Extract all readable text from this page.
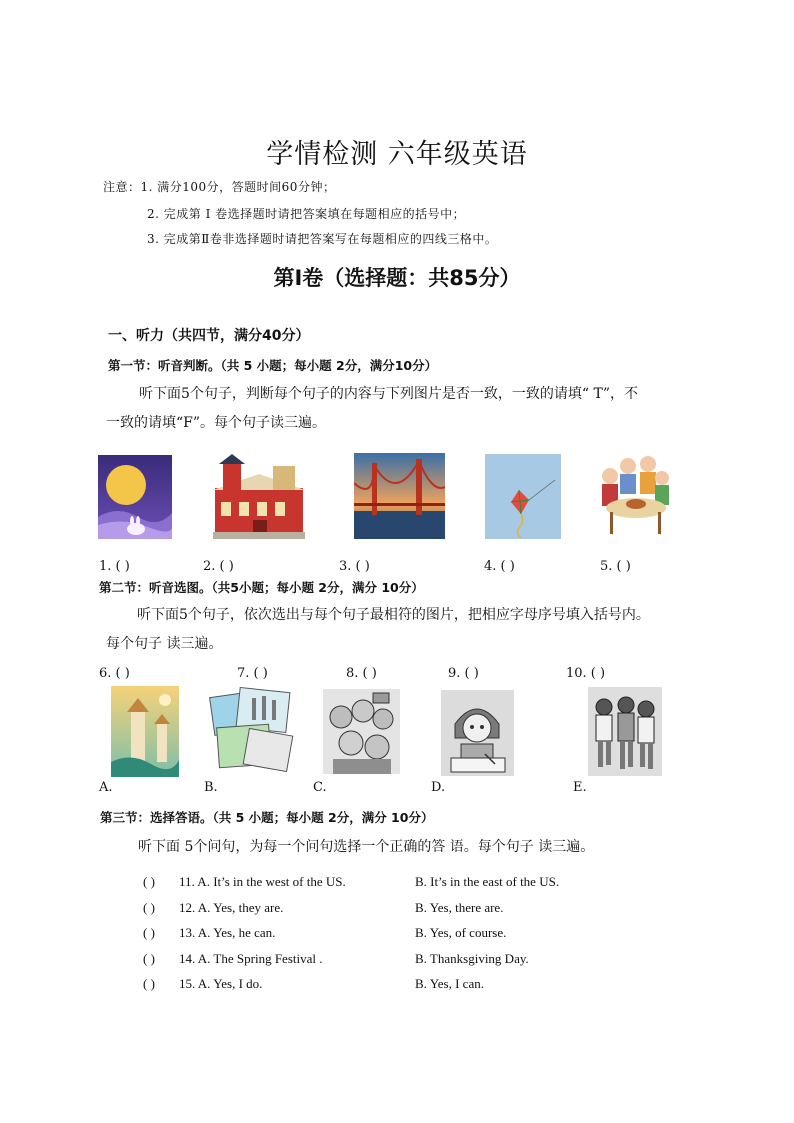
学情检测 六年级英语
注意：1. 满分100分，答题时间60分钟；
2. 完成第 Ⅰ 卷选择题时请把答案填在每题相应的括号中；
3. 完成第Ⅱ卷非选择题时请把答案写在每题相应的四线三格中。
第Ⅰ卷（选择题：共85分）
一、听力（共四节，满分40分）
第一节：听音判断。（共 5 小题；每小题 2分，满分10分）
听下面5个句子，判断每个句子的内容与下列图片是否一致，一致的请填“ T”，不
一致的请填“F”。每个句子读三遍。
1. ( )	2. ( )	3. ( )	4. ( )	5. ( )
第二节：听音选图。（共5小题；每小题 2分，满分 10分）
听下面5个句子，依次选出与每个句子最相符的图片，把相应字母序号填入括号内。
每个句子 读三遍。
6. ( )	7. ( )	8. ( )	9. ( )	10. ( )
A.	B.	C.	D.	E.
第三节：选择答语。（共 5 小题；每小题 2分，满分 10分）
听下面 5个问句，为每一个问句选择一个正确的答 语。每个句子 读三遍。
( ) 11. A. It’s in the west of the US.	B. It’s in the east of the US.
( ) 12. A. Yes, they are.	B. Yes, there are.
( ) 13. A. Yes, he can.	B. Yes, of course.
( ) 14. A. The Spring Festival .	B. Thanksgiving Day.
( ) 15. A. Yes, I do.	B. Yes, I can.
